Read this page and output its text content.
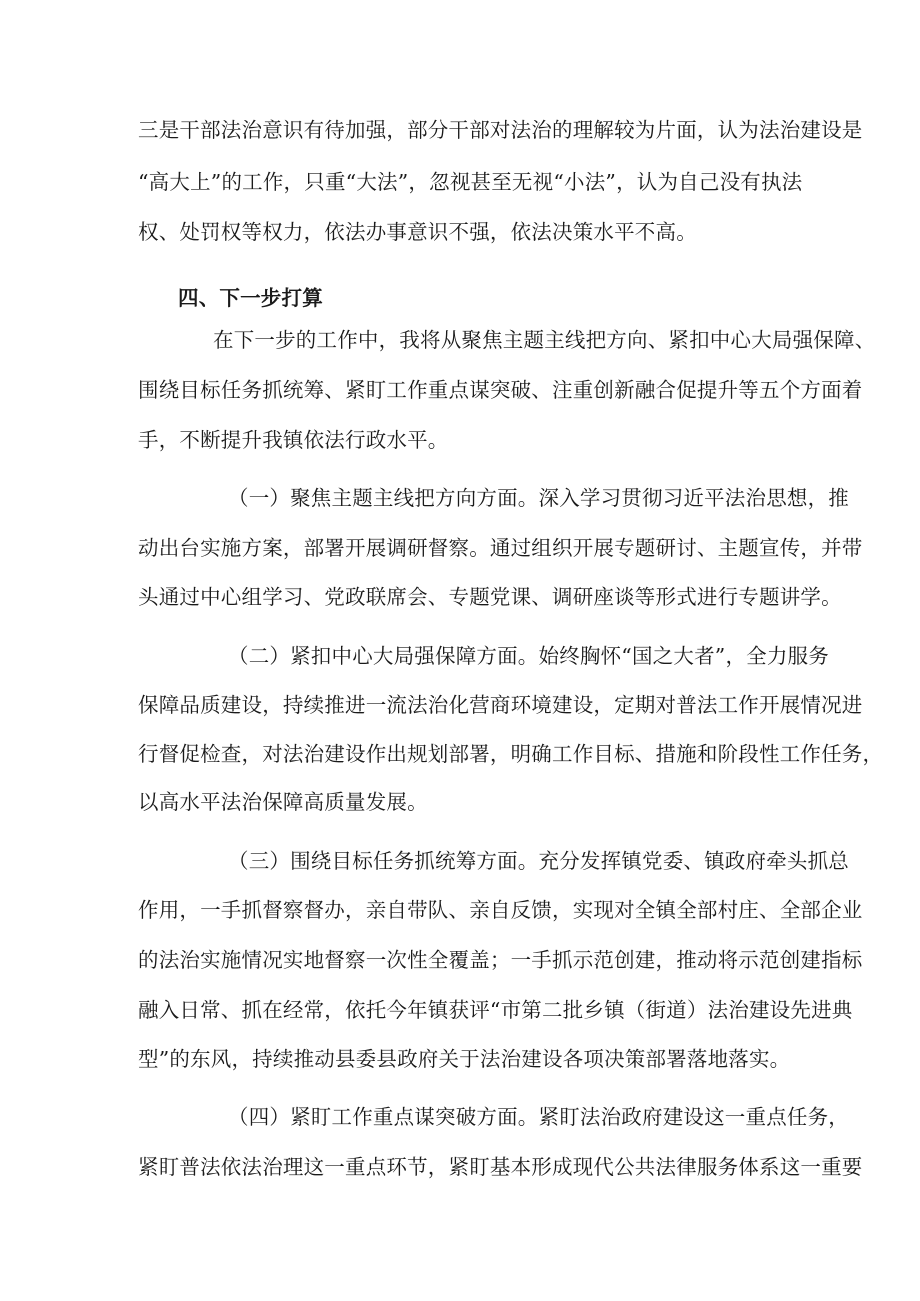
三是干部法治意识有待加强，部分干部对法治的理解较为片面，认为法治建设是
“高大上”的工作，只重“大法”，忽视甚至无视“小法”，认为自己没有执法
权、处罚权等权力，依法办事意识不强，依法决策水平不高。
四、下一步打算
在下一步的工作中，我将从聚焦主题主线把方向、紧扣中心大局强保障、
围绕目标任务抓统筹、紧盯工作重点谋突破、注重创新融合促提升等五个方面着
手，不断提升我镇依法行政水平。
（一）聚焦主题主线把方向方面。深入学习贯彻习近平法治思想，推
动出台实施方案，部署开展调研督察。通过组织开展专题研讨、主题宣传，并带
头通过中心组学习、党政联席会、专题党课、调研座谈等形式进行专题讲学。
（二）紧扣中心大局强保障方面。始终胸怀“国之大者”，全力服务
保障品质建设，持续推进一流法治化营商环境建设，定期对普法工作开展情况进
行督促检查，对法治建设作出规划部署，明确工作目标、措施和阶段性工作任务，
以高水平法治保障高质量发展。
（三）围绕目标任务抓统筹方面。充分发挥镇党委、镇政府牵头抓总
作用，一手抓督察督办，亲自带队、亲自反馈，实现对全镇全部村庄、全部企业
的法治实施情况实地督察一次性全覆盖；一手抓示范创建，推动将示范创建指标
融入日常、抓在经常，依托今年镇获评“市第二批乡镇（街道）法治建设先进典
型”的东风，持续推动县委县政府关于法治建设各项决策部署落地落实。
（四）紧盯工作重点谋突破方面。紧盯法治政府建设这一重点任务，
紧盯普法依法治理这一重点环节，紧盯基本形成现代公共法律服务体系这一重要
